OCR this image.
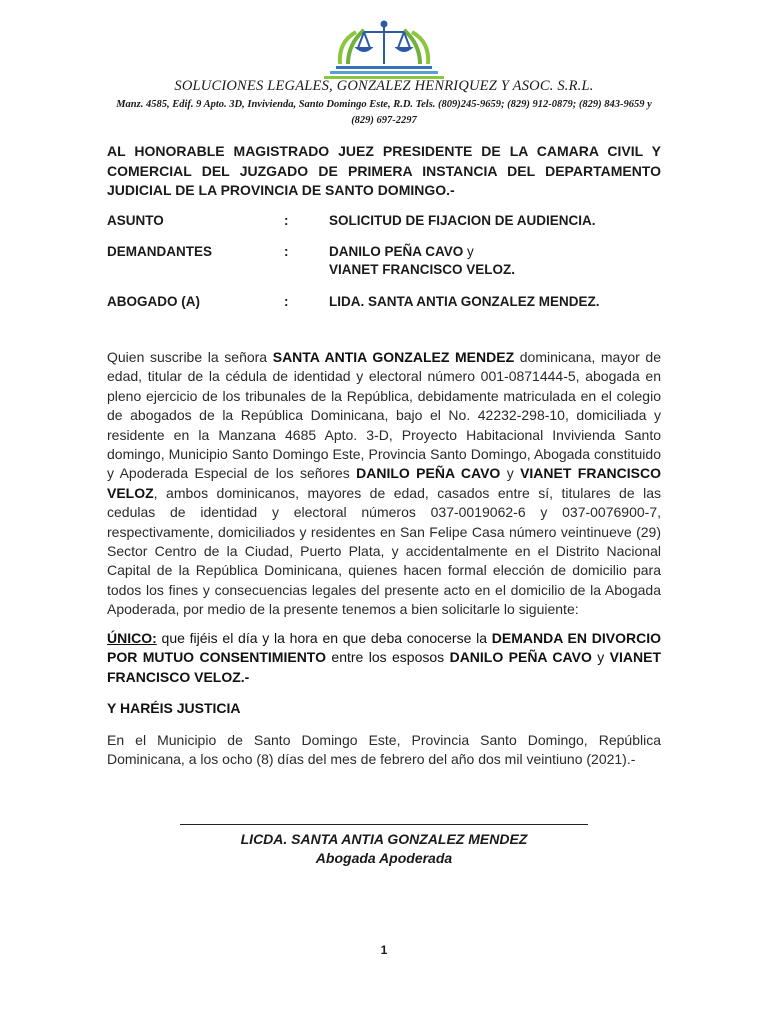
SOLUCIONES LEGALES, GONZALEZ HENRIQUEZ Y ASOC. S.R.L.
Manz. 4585, Edif. 9 Apto. 3D, Invivienda, Santo Domingo Este, R.D. Tels. (809)245-9659; (829) 912-0879; (829) 843-9659 y (829) 697-2297
AL HONORABLE MAGISTRADO JUEZ PRESIDENTE DE LA CAMARA CIVIL Y COMERCIAL DEL JUZGADO DE PRIMERA INSTANCIA DEL DEPARTAMENTO JUDICIAL DE LA PROVINCIA DE SANTO DOMINGO.-
ASUNTO	:	SOLICITUD DE FIJACION DE AUDIENCIA.
DEMANDANTES	:	DANILO PEÑA CAVO y
VIANET FRANCISCO VELOZ.
ABOGADO (A)	:	LIDA. SANTA ANTIA GONZALEZ MENDEZ.
Quien suscribe la señora SANTA ANTIA GONZALEZ MENDEZ dominicana, mayor de edad, titular de la cédula de identidad y electoral número 001-0871444-5, abogada en pleno ejercicio de los tribunales de la República, debidamente matriculada en el colegio de abogados de la República Dominicana, bajo el No. 42232-298-10, domiciliada y residente en la Manzana 4685 Apto. 3-D, Proyecto Habitacional Invivienda Santo domingo, Municipio Santo Domingo Este, Provincia Santo Domingo, Abogada constituido y Apoderada Especial de los señores DANILO PEÑA CAVO y VIANET FRANCISCO VELOZ, ambos dominicanos, mayores de edad, casados entre sí, titulares de las cedulas de identidad y electoral números 037-0019062-6 y 037-0076900-7, respectivamente, domiciliados y residentes en San Felipe Casa número veintinueve (29) Sector Centro de la Ciudad, Puerto Plata, y accidentalmente en el Distrito Nacional Capital de la República Dominicana, quienes hacen formal elección de domicilio para todos los fines y consecuencias legales del presente acto en el domicilio de la Abogada Apoderada, por medio de la presente tenemos a bien solicitarle lo siguiente:
ÚNICO: que fijéis el día y la hora en que deba conocerse la DEMANDA EN DIVORCIO POR MUTUO CONSENTIMIENTO entre los esposos DANILO PEÑA CAVO y VIANET FRANCISCO VELOZ.-
Y HARÉIS JUSTICIA
En el Municipio de Santo Domingo Este, Provincia Santo Domingo, República Dominicana, a los ocho (8) días del mes de febrero del año dos mil veintiuno (2021).-
LICDA. SANTA ANTIA GONZALEZ MENDEZ
Abogada Apoderada
1
